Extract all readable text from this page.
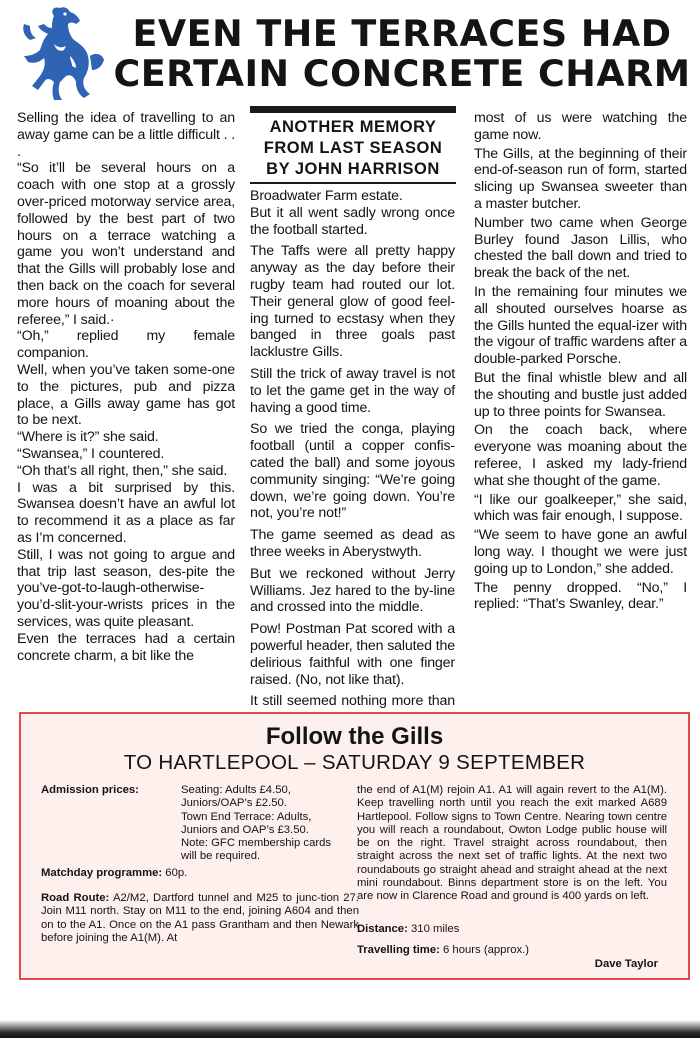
EVEN THE TERRACES HAD
CERTAIN CONCRETE CHARM

Selling the idea of travelling to an away game can be a little difficult . . .

“So it’ll be several hours on a coach with one stop at a grossly over-priced motorway service area, followed by the best part of two hours on a terrace watching a game you won’t understand and that the Gills will probably lose and then back on the coach for several more hours of moaning about the referee,” I said.·

“Oh,” replied my female companion.

Well, when you’ve taken some-one to the pictures, pub and pizza place, a Gills away game has got to be next.

“Where is it?” she said.

“Swansea,” I countered.

“Oh that’s all right, then,” she said.

I was a bit surprised by this. Swansea doesn’t have an awful lot to recommend it as a place as far as I’m concerned.

Still, I was not going to argue and that trip last season, des-pite the you’ve-got-to-laugh-otherwise-you’d-slit-your-wrists prices in the services, was quite pleasant.

Even the terraces had a certain concrete charm, a bit like the

ANOTHER MEMORY
FROM LAST SEASON
BY JOHN HARRISON

Broadwater Farm estate.
But it all went sadly wrong once the football started.

The Taffs were all pretty happy anyway as the day before their rugby team had routed our lot. Their general glow of good feel-ing turned to ecstasy when they banged in three goals past lacklustre Gills.

Still the trick of away travel is not to let the game get in the way of having a good time.

So we tried the conga, playing football (until a copper confis-cated the ball) and some joyous community singing: “We’re going down, we’re going down. You’re not, you’re not!”

The game seemed as dead as three weeks in Aberystwyth.

But we reckoned without Jerry Williams. Jez hared to the by-line and crossed into the middle.

Pow! Postman Pat scored with a powerful header, then saluted the delirious faithful with one finger raised. (No, not like that).

It still seemed nothing more than

most of us were watching the game now.

The Gills, at the beginning of their end-of-season run of form, started slicing up Swansea sweeter than a master butcher.

Number two came when George Burley found Jason Lillis, who chested the ball down and tried to break the back of the net.

In the remaining four minutes we all shouted ourselves hoarse as the Gills hunted the equal-izer with the vigour of traffic wardens after a double-parked Porsche.

But the final whistle blew and all the shouting and bustle just added up to three points for Swansea.

On the coach back, where everyone was moaning about the referee, I asked my lady-friend what she thought of the game.

“I like our goalkeeper,” she said, which was fair enough, I suppose.

“We seem to have gone an awful long way. I thought we were just going up to London,” she added.

The penny dropped. “No,” I replied: “That’s Swanley, dear.”

Follow the Gills
TO HARTLEPOOL – SATURDAY 9 SEPTEMBER
Admission prices:	Seating: Adults £4.50,
Juniors/OAP’s £2.50.
Town End Terrace: Adults,
Juniors and OAP’s £3.50.
Note: GFC membership cards
will be required.
Matchday programme: 60p.
Road Route: A2/M2, Dartford tunnel and M25 to junc-tion 27. Join M11 north. Stay on M11 to the end, joining A604 and then on to the A1. Once on the A1 pass Grantham and then Newark before joining the A1(M). At
the end of A1(M) rejoin A1. A1 will again revert to the A1(M). Keep travelling north until you reach the exit marked A689 Hartlepool. Follow signs to Town Centre. Nearing town centre you will reach a roundabout, Owton Lodge public house will be on the right. Travel straight across roundabout, then straight across the next set of traffic lights. At the next two roundabouts go straight ahead and straight ahead at the next mini roundabout. Binns department store is on the left. You are now in Clarence Road and ground is 400 yards on left.
Distance: 310 miles
Travelling time: 6 hours (approx.)
Dave Taylor
